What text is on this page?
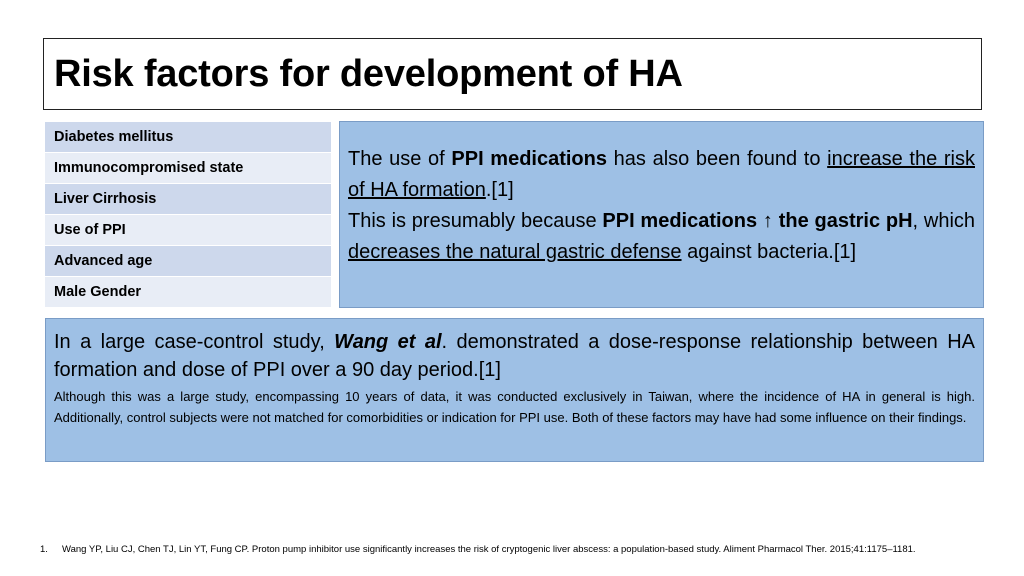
Risk factors for development of HA
Diabetes mellitus
Immunocompromised state
Liver Cirrhosis
Use of PPI
Advanced age
Male Gender

The use of PPI medications has also been found to increase the risk of HA formation.[1]

This is presumably because PPI medications ↑ the gastric pH, which decreases the natural gastric defense against bacteria.[1]

In a large case-control study, Wang et al. demonstrated a dose-response relationship between HA formation and dose of PPI over a 90 day period.[1]

Although this was a large study, encompassing 10 years of data, it was conducted exclusively in Taiwan, where the incidence of HA in general is high. Additionally, control subjects were not matched for comorbidities or indication for PPI use. Both of these factors may have had some influence on their findings.

1. Wang YP, Liu CJ, Chen TJ, Lin YT, Fung CP. Proton pump inhibitor use significantly increases the risk of cryptogenic liver abscess: a population-based study. Aliment Pharmacol Ther. 2015;41:1175–1181.
